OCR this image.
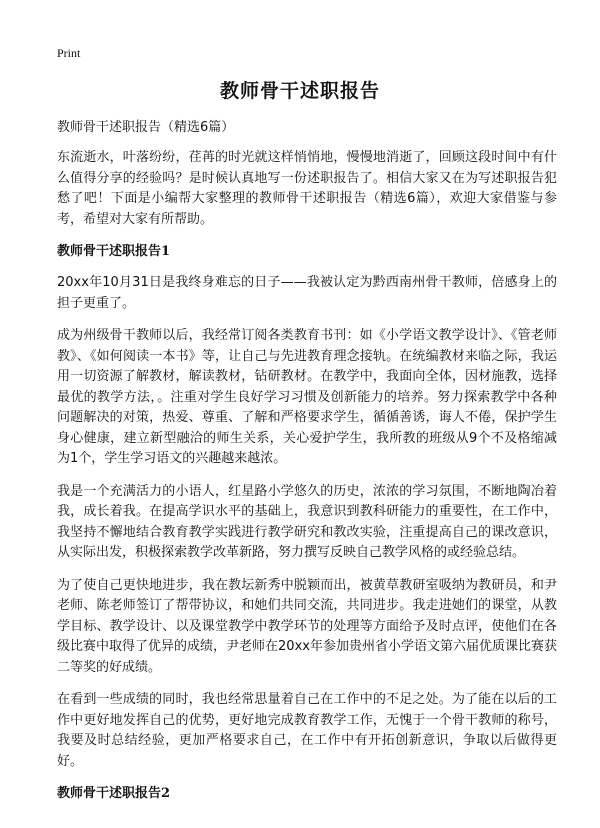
Print
教师骨干述职报告
教师骨干述职报告（精选6篇）

东流逝水，叶落纷纷，荏苒的时光就这样悄悄地，慢慢地消逝了，回顾这段时间中有什么值得分享的经验吗？是时候认真地写一份述职报告了。相信大家又在为写述职报告犯愁了吧！下面是小编帮大家整理的教师骨干述职报告（精选6篇），欢迎大家借鉴与参考，希望对大家有所帮助。

教师骨干述职报告1

20xx年10月31日是我终身难忘的日子——我被认定为黔西南州骨干教师，倍感身上的担子更重了。

成为州级骨干教师以后，我经常订阅各类教育书刊：如《小学语文教学设计》、《管老师教》、《如何阅读一本书》等，让自己与先进教育理念接轨。在统编教材来临之际，我运用一切资源了解教材，解读教材，钻研教材。在教学中，我面向全体，因材施教，选择最优的教学方法，。注重对学生良好学习习惯及创新能力的培养。努力探索教学中各种问题解决的对策，热爱、尊重、了解和严格要求学生，循循善诱，诲人不倦，保护学生身心健康，建立新型融洽的师生关系，关心爱护学生，我所教的班级从9个不及格缩减为1个，学生学习语文的兴趣越来越浓。

我是一个充满活力的小语人，红星路小学悠久的历史，浓浓的学习氛围，不断地陶冶着我，成长着我。在提高学识水平的基础上，我意识到教科研能力的重要性，在工作中，我坚持不懈地结合教育教学实践进行教学研究和教改实验，注重提高自己的课改意识，从实际出发，积极探索教学改革新路，努力撰写反映自己教学风格的或经验总结。

为了使自己更快地进步，我在教坛新秀中脱颖而出，被黄草教研室吸纳为教研员，和尹老师、陈老师签订了帮带协议，和她们共同交流，共同进步。我走进她们的课堂，从教学目标、教学设计、以及课堂教学中教学环节的处理等方面给予及时点评，使他们在各级比赛中取得了优异的成绩，尹老师在20xx年参加贵州省小学语文第六届优质课比赛获二等奖的好成绩。

在看到一些成绩的同时，我也经常思量着自己在工作中的不足之处。为了能在以后的工作中更好地发挥自己的优势，更好地完成教育教学工作，无愧于一个骨干教师的称号，我要及时总结经验，更加严格要求自己，在工作中有开拓创新意识，争取以后做得更好。

教师骨干述职报告2
